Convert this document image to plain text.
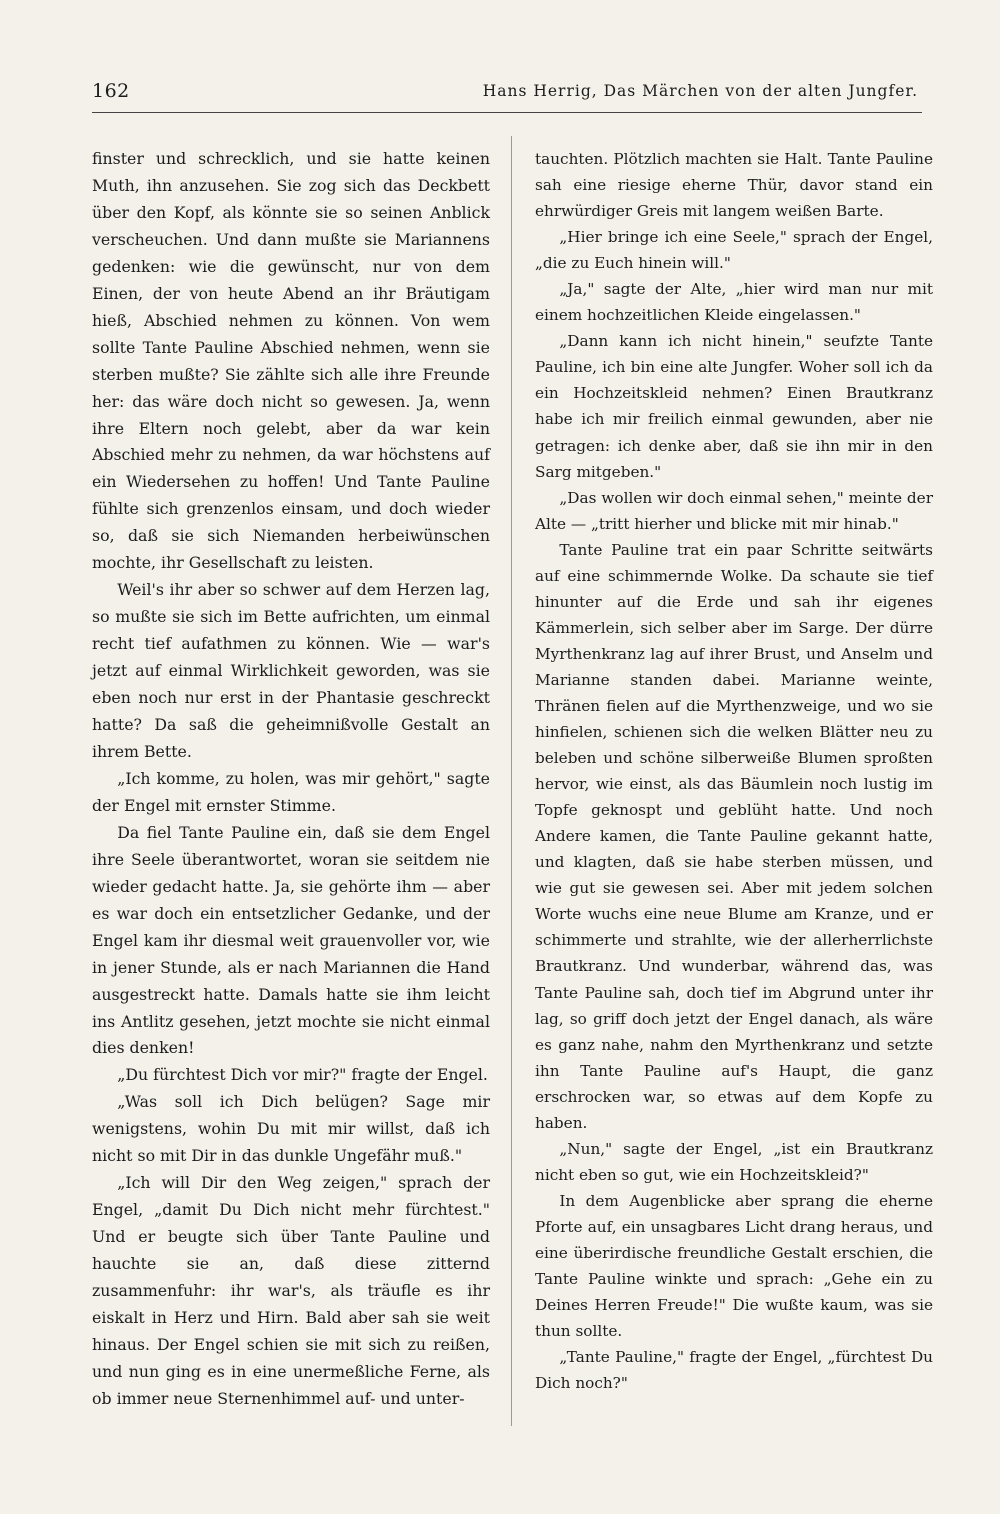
162	Hans Herrig, Das Märchen von der alten Jungfer.

finster und schrecklich, und sie hatte keinen Muth, ihn anzusehen. Sie zog sich das Deckbett über den Kopf, als könnte sie so seinen Anblick verscheuchen. Und dann mußte sie Mariannens gedenken: wie die gewünscht, nur von dem Einen, der von heute Abend an ihr Bräutigam hieß, Abschied nehmen zu können. Von wem sollte Tante Pauline Abschied nehmen, wenn sie sterben mußte? Sie zählte sich alle ihre Freunde her: das wäre doch nicht so gewesen. Ja, wenn ihre Eltern noch gelebt, aber da war kein Abschied mehr zu nehmen, da war höchstens auf ein Wiedersehen zu hoffen! Und Tante Pauline fühlte sich grenzenlos einsam, und doch wieder so, daß sie sich Niemanden herbeiwünschen mochte, ihr Gesellschaft zu leisten.

Weil's ihr aber so schwer auf dem Herzen lag, so mußte sie sich im Bette aufrichten, um einmal recht tief aufathmen zu können. Wie — war's jetzt auf einmal Wirklichkeit geworden, was sie eben noch nur erst in der Phantasie geschreckt hatte? Da saß die geheimnißvolle Gestalt an ihrem Bette.

„Ich komme, zu holen, was mir gehört," sagte der Engel mit ernster Stimme.

Da fiel Tante Pauline ein, daß sie dem Engel ihre Seele überantwortet, woran sie seitdem nie wieder gedacht hatte. Ja, sie gehörte ihm — aber es war doch ein entsetzlicher Gedanke, und der Engel kam ihr diesmal weit grauenvoller vor, wie in jener Stunde, als er nach Mariannen die Hand ausgestreckt hatte. Damals hatte sie ihm leicht ins Antlitz gesehen, jetzt mochte sie nicht einmal dies denken!

„Du fürchtest Dich vor mir?" fragte der Engel.

„Was soll ich Dich belügen? Sage mir wenigstens, wohin Du mit mir willst, daß ich nicht so mit Dir in das dunkle Ungefähr muß."

„Ich will Dir den Weg zeigen," sprach der Engel, „damit Du Dich nicht mehr fürchtest." Und er beugte sich über Tante Pauline und hauchte sie an, daß diese zitternd zusammenfuhr: ihr war's, als träufle es ihr eiskalt in Herz und Hirn. Bald aber sah sie weit hinaus. Der Engel schien sie mit sich zu reißen, und nun ging es in eine unermeßliche Ferne, als ob immer neue Sternenhimmel auf- und unter-

tauchten. Plötzlich machten sie Halt. Tante Pauline sah eine riesige eherne Thür, davor stand ein ehrwürdiger Greis mit langem weißen Barte.

„Hier bringe ich eine Seele," sprach der Engel, „die zu Euch hinein will."

„Ja," sagte der Alte, „hier wird man nur mit einem hochzeitlichen Kleide eingelassen."

„Dann kann ich nicht hinein," seufzte Tante Pauline, ich bin eine alte Jungfer. Woher soll ich da ein Hochzeitskleid nehmen? Einen Brautkranz habe ich mir freilich einmal gewunden, aber nie getragen: ich denke aber, daß sie ihn mir in den Sarg mitgeben."

„Das wollen wir doch einmal sehen," meinte der Alte — „tritt hierher und blicke mit mir hinab."

Tante Pauline trat ein paar Schritte seitwärts auf eine schimmernde Wolke. Da schaute sie tief hinunter auf die Erde und sah ihr eigenes Kämmerlein, sich selber aber im Sarge. Der dürre Myrthenkranz lag auf ihrer Brust, und Anselm und Marianne standen dabei. Marianne weinte, Thränen fielen auf die Myrthenzweige, und wo sie hinfielen, schienen sich die welken Blätter neu zu beleben und schöne silberweiße Blumen sproßten hervor, wie einst, als das Bäumlein noch lustig im Topfe geknospt und geblüht hatte. Und noch Andere kamen, die Tante Pauline gekannt hatte, und klagten, daß sie habe sterben müssen, und wie gut sie gewesen sei. Aber mit jedem solchen Worte wuchs eine neue Blume am Kranze, und er schimmerte und strahlte, wie der allerherrlichste Brautkranz. Und wunderbar, während das, was Tante Pauline sah, doch tief im Abgrund unter ihr lag, so griff doch jetzt der Engel danach, als wäre es ganz nahe, nahm den Myrthenkranz und setzte ihn Tante Pauline auf's Haupt, die ganz erschrocken war, so etwas auf dem Kopfe zu haben.

„Nun," sagte der Engel, „ist ein Brautkranz nicht eben so gut, wie ein Hochzeitskleid?"

In dem Augenblicke aber sprang die eherne Pforte auf, ein unsagbares Licht drang heraus, und eine überirdische freundliche Gestalt erschien, die Tante Pauline winkte und sprach: „Gehe ein zu Deines Herren Freude!" Die wußte kaum, was sie thun sollte.

„Tante Pauline," fragte der Engel, „fürchtest Du Dich noch?"
